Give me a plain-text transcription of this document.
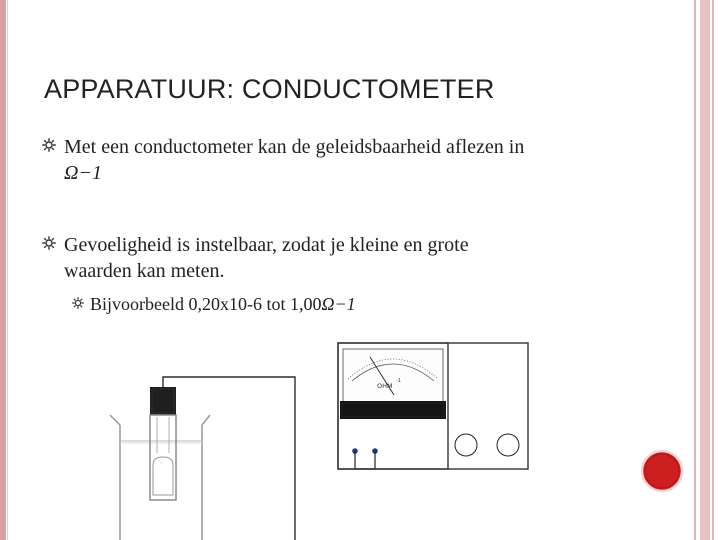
APPARATUUR: CONDUCTOMETER
Met een conductometer kan de geleidsbaarheid aflezen in
Ω−1
Gevoeligheid is instelbaar, zodat je kleine en grote
waarden kan meten.
Bijvoorbeeld 0,20x10-6 tot 1,00Ω−1
◦
OHM
-1
